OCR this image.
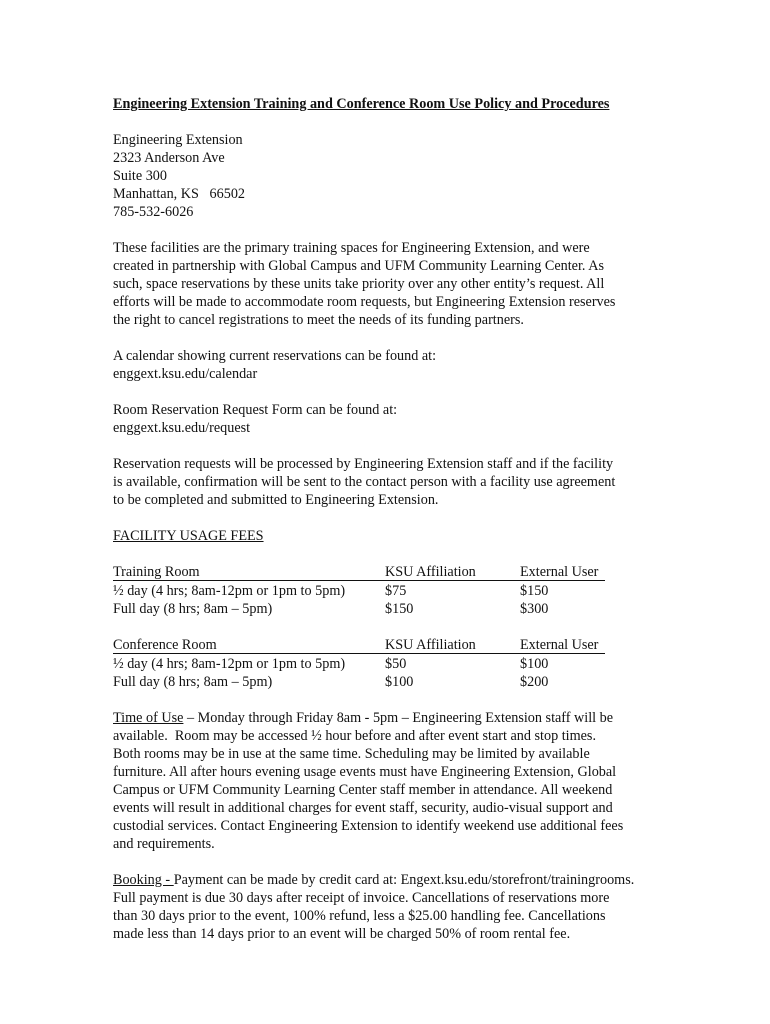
Engineering Extension Training and Conference Room Use Policy and Procedures
Engineering Extension
2323 Anderson Ave
Suite 300
Manhattan, KS   66502
785-532-6026
These facilities are the primary training spaces for Engineering Extension, and were
created in partnership with Global Campus and UFM Community Learning Center. As
such, space reservations by these units take priority over any other entity’s request. All
efforts will be made to accommodate room requests, but Engineering Extension reserves
the right to cancel registrations to meet the needs of its funding partners.
A calendar showing current reservations can be found at:
enggext.ksu.edu/calendar
Room Reservation Request Form can be found at:
enggext.ksu.edu/request
Reservation requests will be processed by Engineering Extension staff and if the facility
is available, confirmation will be sent to the contact person with a facility use agreement
to be completed and submitted to Engineering Extension.
FACILITY USAGE FEES
Training Room	KSU Affiliation	External User
½ day (4 hrs; 8am-12pm or 1pm to 5pm)	$75	$150
Full day (8 hrs; 8am – 5pm)	$150	$300
Conference Room	KSU Affiliation	External User
½ day (4 hrs; 8am-12pm or 1pm to 5pm)	$50	$100
Full day (8 hrs; 8am – 5pm)	$100	$200
Time of Use – Monday through Friday 8am - 5pm – Engineering Extension staff will be
available.  Room may be accessed ½ hour before and after event start and stop times.
Both rooms may be in use at the same time. Scheduling may be limited by available
furniture. All after hours evening usage events must have Engineering Extension, Global
Campus or UFM Community Learning Center staff member in attendance. All weekend
events will result in additional charges for event staff, security, audio-visual support and
custodial services. Contact Engineering Extension to identify weekend use additional fees
and requirements.
Booking - Payment can be made by credit card at: Engext.ksu.edu/storefront/trainingrooms.
Full payment is due 30 days after receipt of invoice. Cancellations of reservations more
than 30 days prior to the event, 100% refund, less a $25.00 handling fee. Cancellations
made less than 14 days prior to an event will be charged 50% of room rental fee.
